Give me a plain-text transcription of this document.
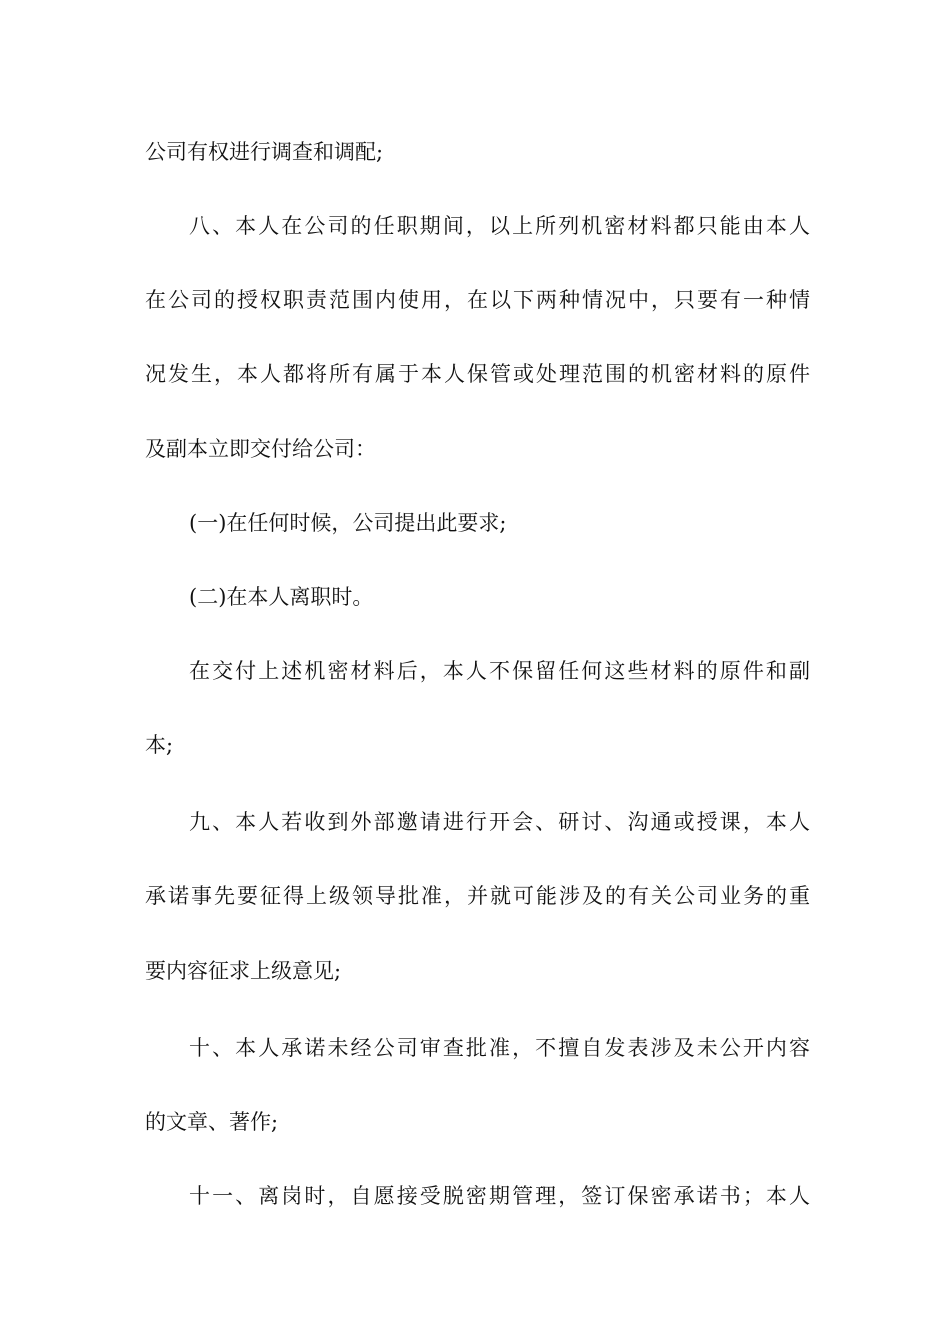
公司有权进行调查和调配;
八、本人在公司的任职期间，以上所列机密材料都只能由本人
在公司的授权职责范围内使用，在以下两种情况中，只要有一种情
况发生，本人都将所有属于本人保管或处理范围的机密材料的原件
及副本立即交付给公司：
(一)在任何时候，公司提出此要求;
(二)在本人离职时。
在交付上述机密材料后，本人不保留任何这些材料的原件和副
本;
九、本人若收到外部邀请进行开会、研讨、沟通或授课，本人
承诺事先要征得上级领导批准，并就可能涉及的有关公司业务的重
要内容征求上级意见;
十、本人承诺未经公司审查批准，不擅自发表涉及未公开内容
的文章、著作;
十一、离岗时，自愿接受脱密期管理，签订保密承诺书；本人
